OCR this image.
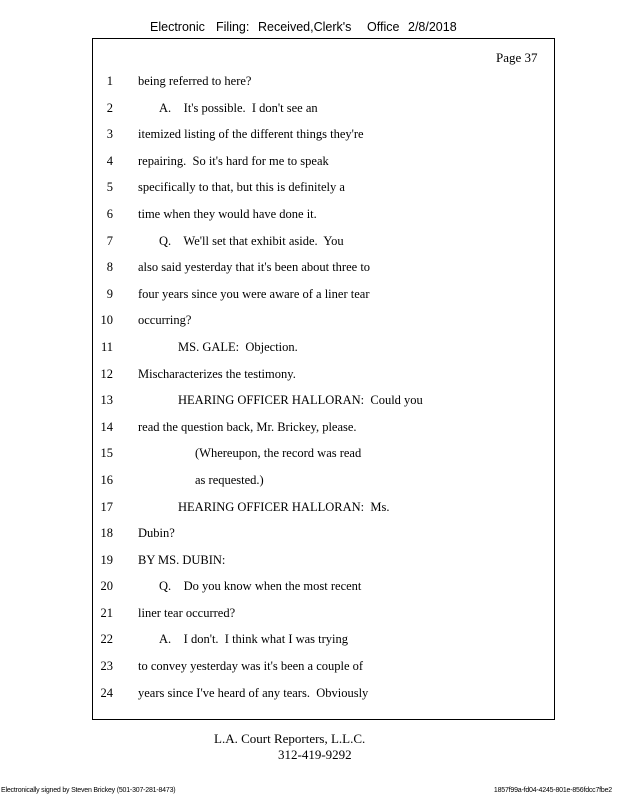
Electronic Filing: Received,Clerk's Office 2/8/2018
Page 37
1 being referred to here?
2	A.    It's possible.  I don't see an
3 itemized listing of the different things they're
4 repairing.  So it's hard for me to speak
5 specifically to that, but this is definitely a
6 time when they would have done it.
7	Q.    We'll set that exhibit aside.  You
8 also said yesterday that it's been about three to
9 four years since you were aware of a liner tear
10 occurring?
11	MS. GALE:  Objection.
12 Mischaracterizes the testimony.
13	HEARING OFFICER HALLORAN:  Could you
14 read the question back, Mr. Brickey, please.
15	(Whereupon, the record was read
16	as requested.)
17	HEARING OFFICER HALLORAN:  Ms.
18 Dubin?
19 BY MS. DUBIN:
20	Q.    Do you know when the most recent
21 liner tear occurred?
22	A.    I don't.  I think what I was trying
23 to convey yesterday was it's been a couple of
24 years since I've heard of any tears.  Obviously
L.A. Court Reporters, L.L.C.
312-419-9292
Electronically signed by Steven Brickey (501-307-281-8473)	1857f99a-fd04-4245-801e-856fdcc7fbe2
